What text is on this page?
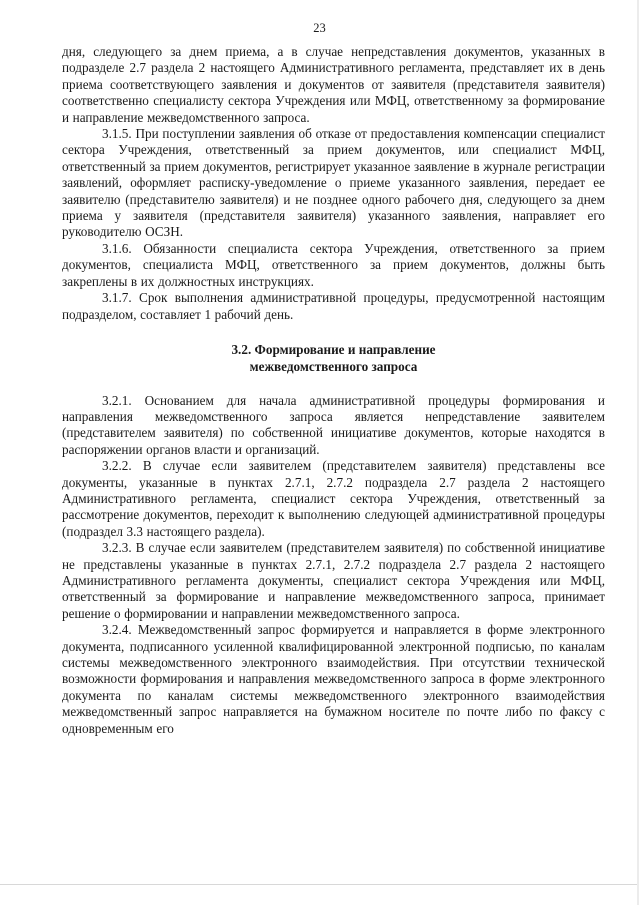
23

дня, следующего за днем приема, а в случае непредставления документов, указанных в подразделе 2.7 раздела 2 настоящего Административного регламента, представляет их в день приема соответствующего заявления и документов от заявителя (представителя заявителя) соответственно специалисту сектора Учреждения или МФЦ, ответственному за формирование и направление межведомственного запроса.

3.1.5. При поступлении заявления об отказе от предоставления компенсации специалист сектора Учреждения, ответственный за прием документов, или специалист МФЦ, ответственный за прием документов, регистрирует указанное заявление в журнале регистрации заявлений, оформляет расписку-уведомление о приеме указанного заявления, передает ее заявителю (представителю заявителя) и не позднее одного рабочего дня, следующего за днем приема у заявителя (представителя заявителя) указанного заявления, направляет его руководителю ОСЗН.

3.1.6. Обязанности специалиста сектора Учреждения, ответственного за прием документов, специалиста МФЦ, ответственного за прием документов, должны быть закреплены в их должностных инструкциях.

3.1.7. Срок выполнения административной процедуры, предусмотренной настоящим подразделом, составляет 1 рабочий день.

3.2. Формирование и направление
межведомственного запроса

3.2.1. Основанием для начала административной процедуры формирования и направления межведомственного запроса является непредставление заявителем (представителем заявителя) по собственной инициативе документов, которые находятся в распоряжении органов власти и организаций.

3.2.2. В случае если заявителем (представителем заявителя) представлены все документы, указанные в пунктах 2.7.1, 2.7.2 подраздела 2.7 раздела 2 настоящего Административного регламента, специалист сектора Учреждения, ответственный за рассмотрение документов, переходит к выполнению следующей административной процедуры (подраздел 3.3 настоящего раздела).

3.2.3. В случае если заявителем (представителем заявителя) по собственной инициативе не представлены указанные в пунктах 2.7.1, 2.7.2 подраздела 2.7 раздела 2 настоящего Административного регламента документы, специалист сектора Учреждения или МФЦ, ответственный за формирование и направление межведомственного запроса, принимает решение о формировании и направлении межведомственного запроса.

3.2.4. Межведомственный запрос формируется и направляется в форме электронного документа, подписанного усиленной квалифицированной электронной подписью, по каналам системы межведомственного электронного взаимодействия. При отсутствии технической возможности формирования и направления межведомственного запроса в форме электронного документа по каналам системы межведомственного электронного взаимодействия межведомственный запрос направляется на бумажном носителе по почте либо по факсу с одновременным его
